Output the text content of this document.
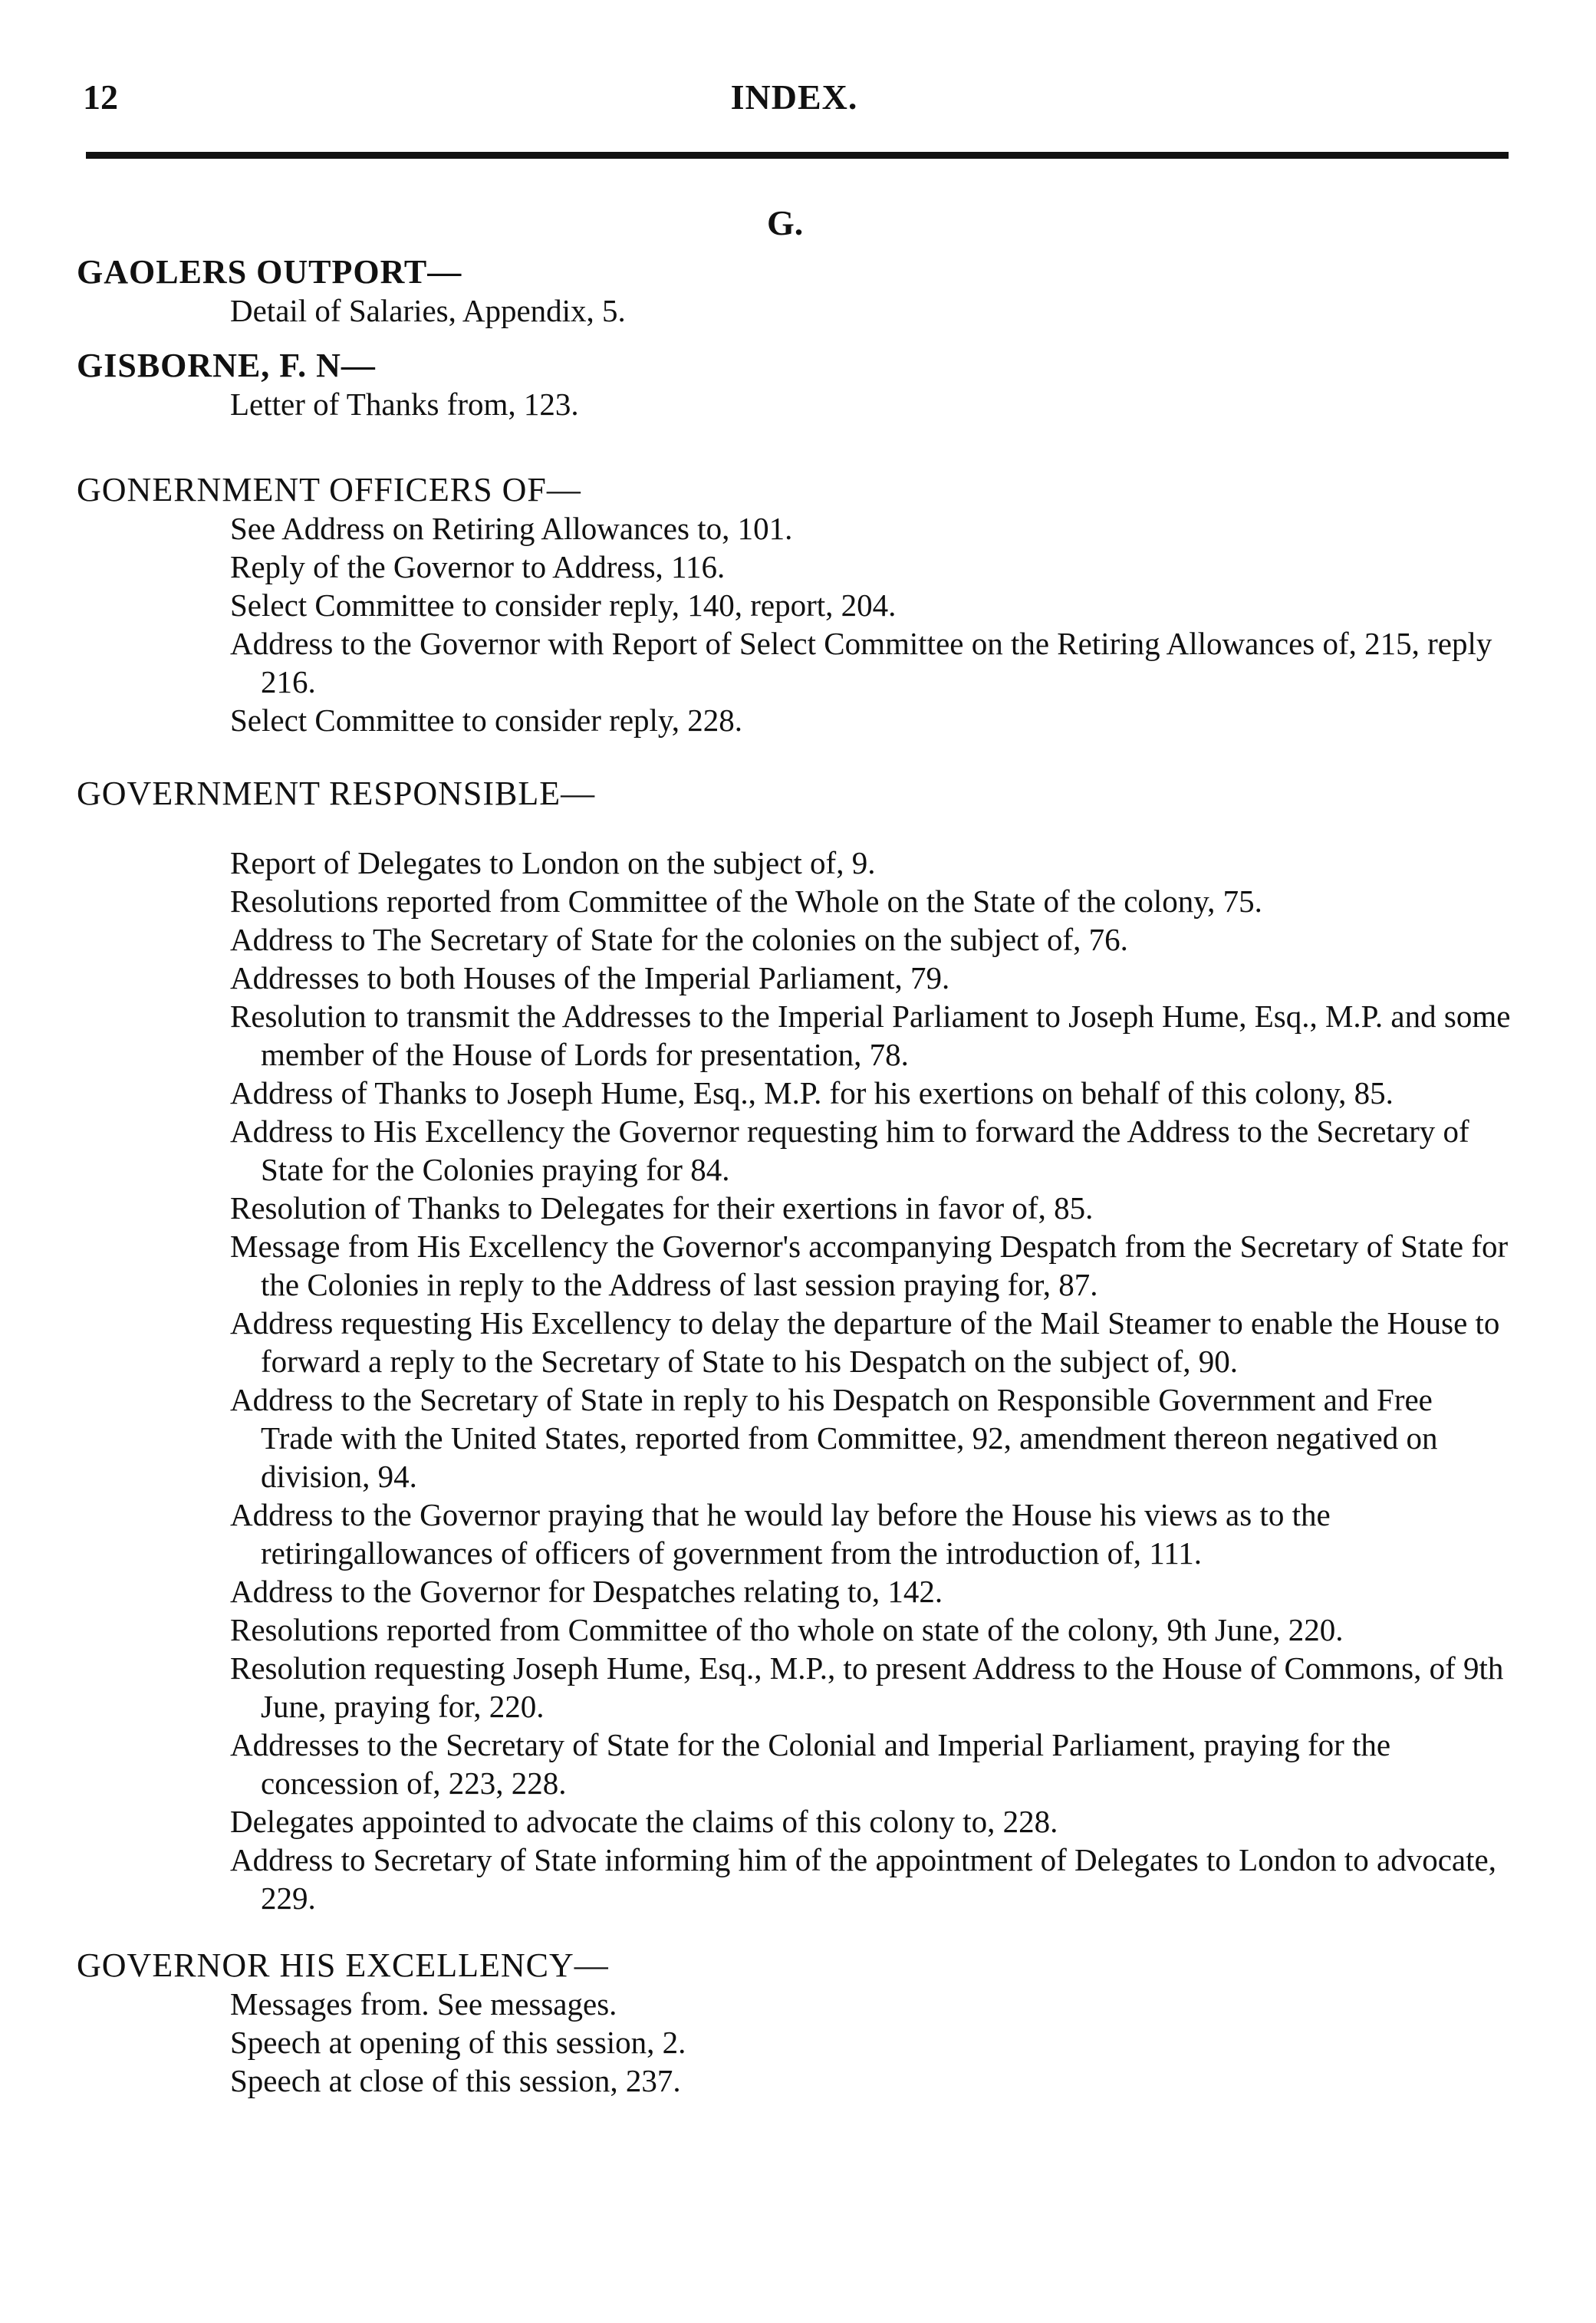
12	INDEX.
G.
GAOLERS OUTPORT—
Detail of Salaries, Appendix, 5.
GISBORNE, F. N—
Letter of Thanks from, 123.
GONERNMENT OFFICERS OF—
See Address on Retiring Allowances to, 101.
Reply of the Governor to Address, 116.
Select Committee to consider reply, 140, report, 204.
Address to the Governor with Report of Select Committee on the Retiring Allowances of, 215, reply 216.
Select Committee to consider reply, 228.
GOVERNMENT RESPONSIBLE—
Report of Delegates to London on the subject of, 9.
Resolutions reported from Committee of the Whole on the State of the colony, 75.
Address to The Secretary of State for the colonies on the subject of, 76.
Addresses to both Houses of the Imperial Parliament, 79.
Resolution to transmit the Addresses to the Imperial Parliament to Joseph Hume, Esq., M.P. and some member of the House of Lords for presentation, 78.
Address of Thanks to Joseph Hume, Esq., M.P. for his exertions on behalf of this colony, 85.
Address to His Excellency the Governor requesting him to forward the Address to the Secretary of State for the Colonies praying for 84.
Resolution of Thanks to Delegates for their exertions in favor of, 85.
Message from His Excellency the Governor's accompanying Despatch from the Secretary of State for the Colonies in reply to the Address of last session praying for, 87.
Address requesting His Excellency to delay the departure of the Mail Steamer to enable the House to forward a reply to the Secretary of State to his Despatch on the subject of, 90.
Address to the Secretary of State in reply to his Despatch on Responsible Government and Free Trade with the United States, reported from Committee, 92, amendment thereon negatived on division, 94.
Address to the Governor praying that he would lay before the House his views as to the retiringallowances of officers of government from the introduction of, 111.
Address to the Governor for Despatches relating to, 142.
Resolutions reported from Committee of tho whole on state of the colony, 9th June, 220.
Resolution requesting Joseph Hume, Esq., M.P., to present Address to the House of Commons, of 9th June, praying for, 220.
Addresses to the Secretary of State for the Colonial and Imperial Parliament, praying for the concession of, 223, 228.
Delegates appointed to advocate the claims of this colony to, 228.
Address to Secretary of State informing him of the appointment of Delegates to London to advocate, 229.
GOVERNOR HIS EXCELLENCY—
Messages from. See messages.
Speech at opening of this session, 2.
Speech at close of this session, 237.
